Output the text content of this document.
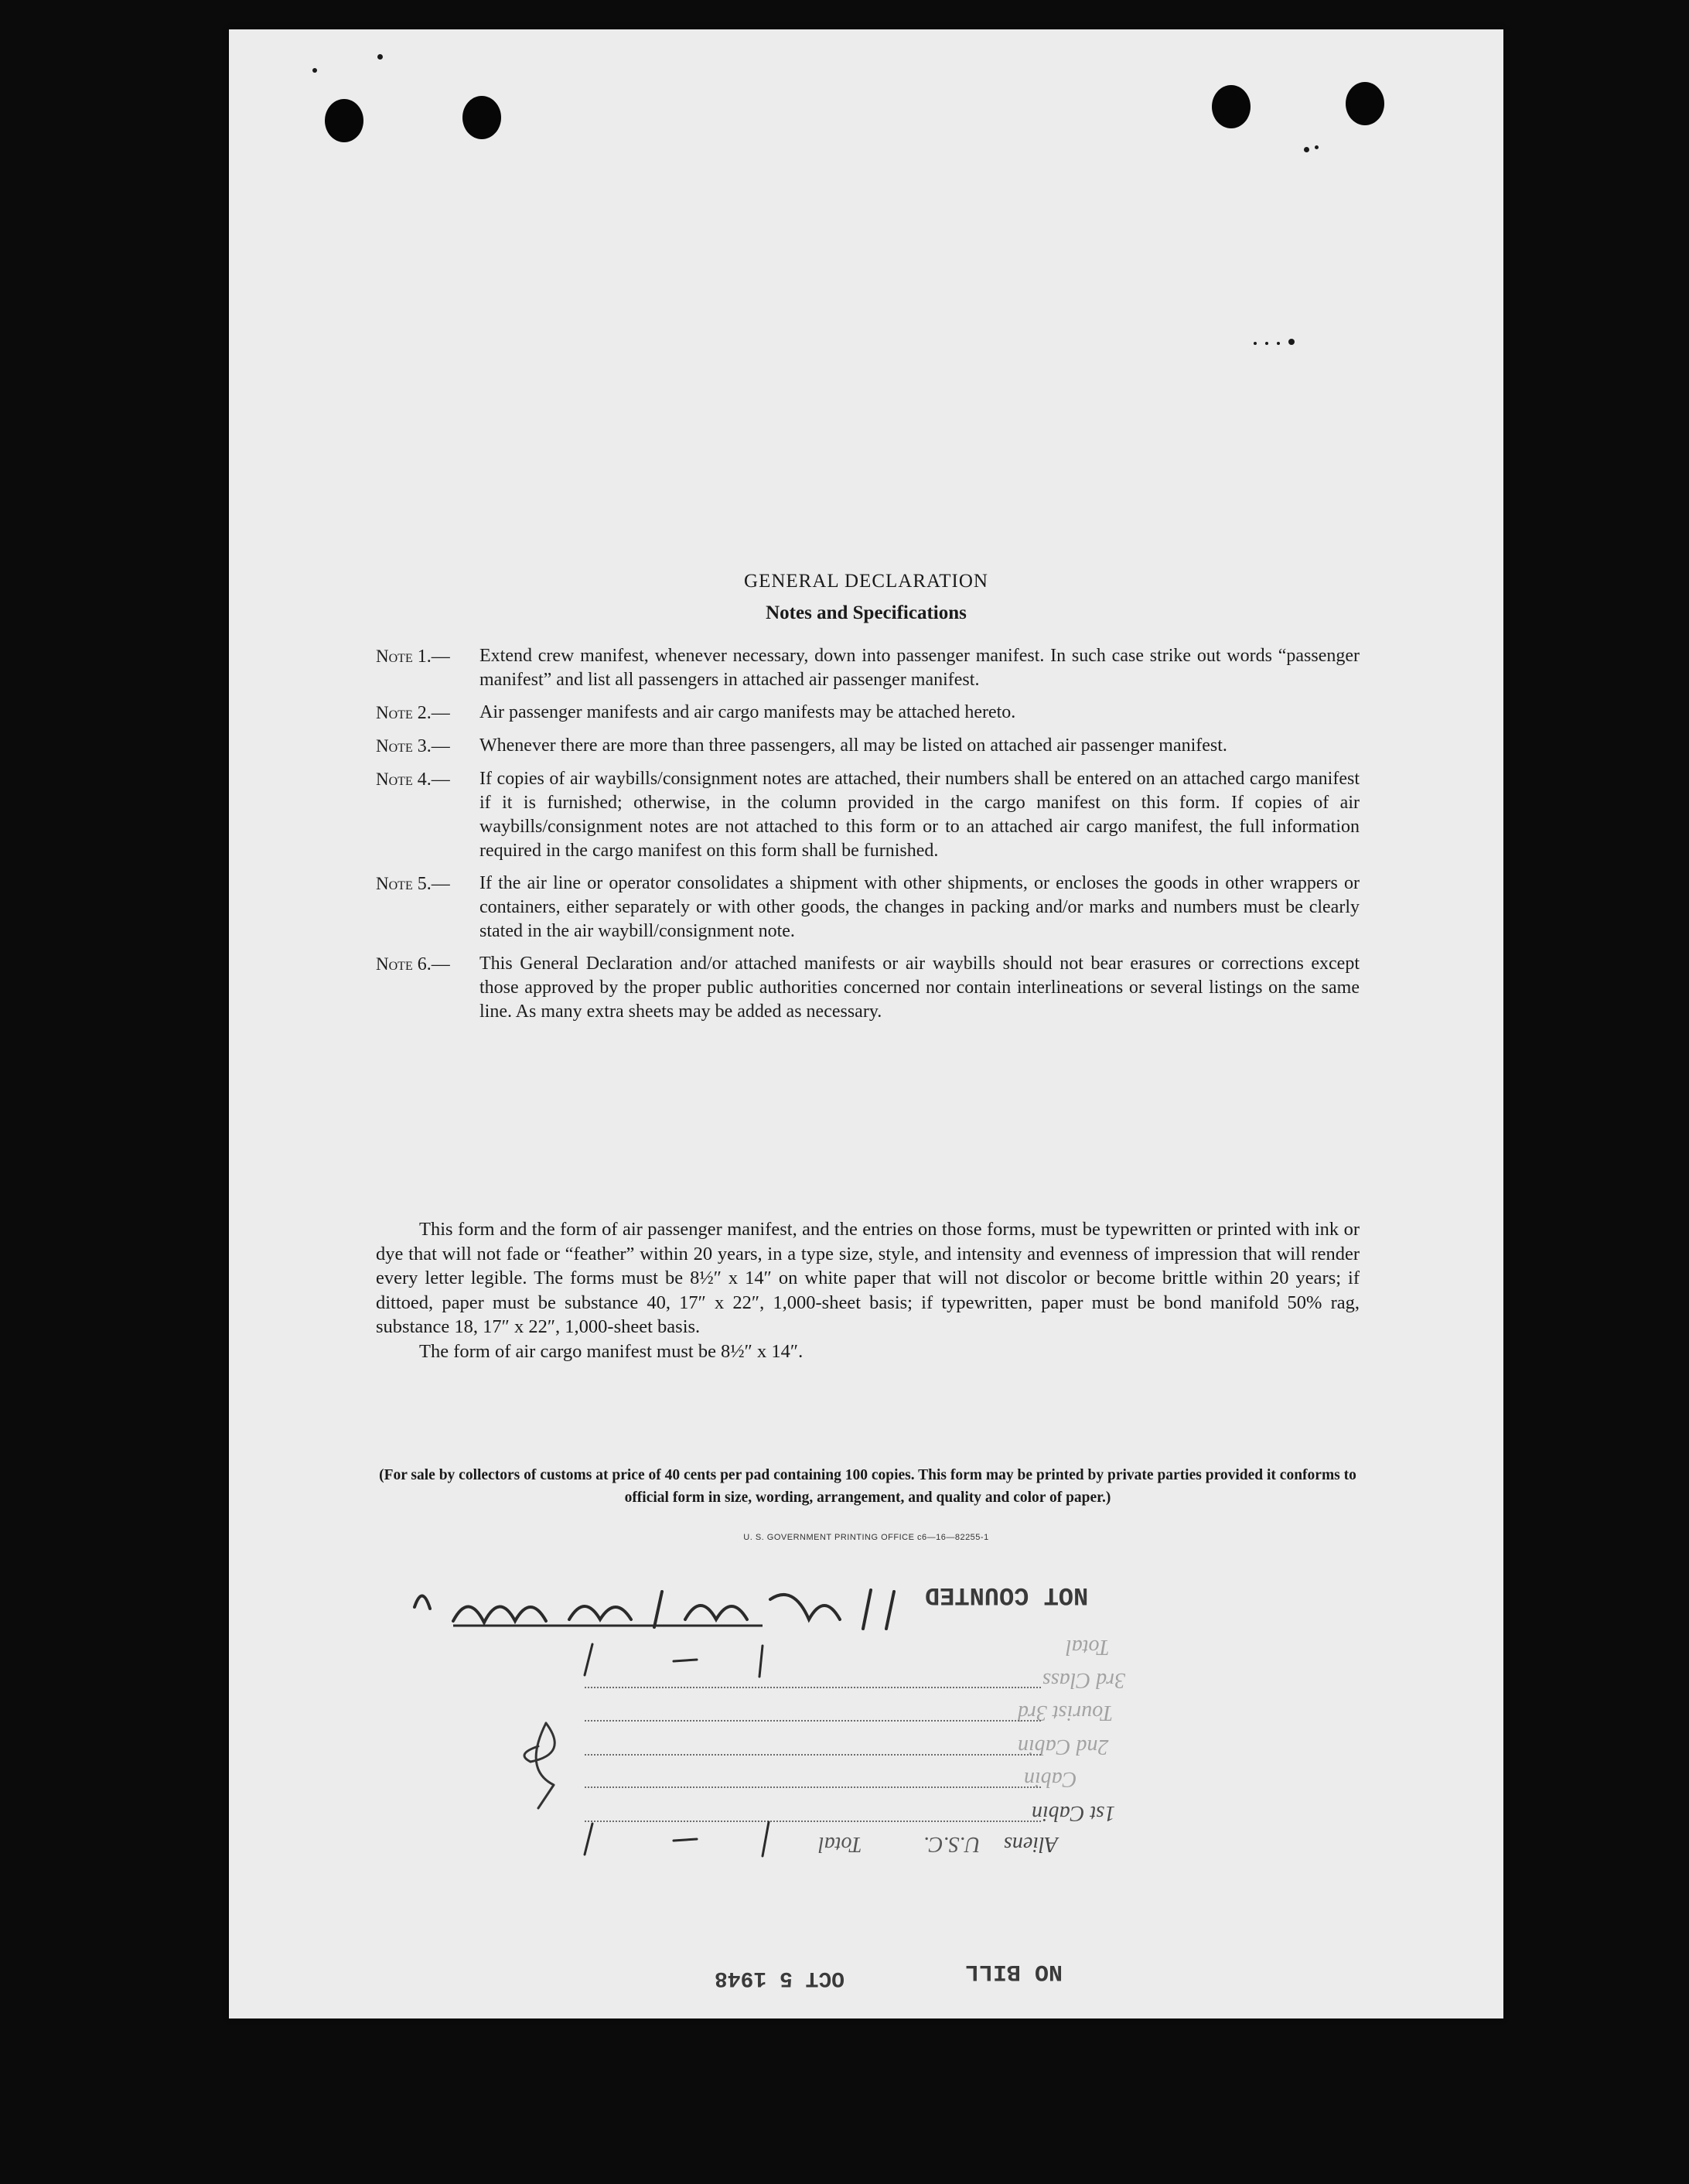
GENERAL DECLARATION
Notes and Specifications
Note 1.—	Extend crew manifest, whenever necessary, down into passenger manifest. In such case strike out words “passenger manifest” and list all passengers in attached air passenger manifest.
Note 2.—	Air passenger manifests and air cargo manifests may be attached hereto.
Note 3.—	Whenever there are more than three passengers, all may be listed on attached air passenger manifest.
Note 4.—	If copies of air waybills/consignment notes are attached, their numbers shall be entered on an attached cargo manifest if it is furnished; otherwise, in the column provided in the cargo manifest on this form. If copies of air waybills/consignment notes are not attached to this form or to an attached air cargo manifest, the full information required in the cargo manifest on this form shall be furnished.
Note 5.—	If the air line or operator consolidates a shipment with other shipments, or encloses the goods in other wrappers or containers, either separately or with other goods, the changes in packing and/or marks and numbers must be clearly stated in the air waybill/consignment note.
Note 6.—	This General Declaration and/or attached manifests or air waybills should not bear erasures or corrections except those approved by the proper public authorities concerned nor contain interlineations or several listings on the same line. As many extra sheets may be added as necessary.

This form and the form of air passenger manifest, and the entries on those forms, must be typewritten or printed with ink or dye that will not fade or “feather” within 20 years, in a type size, style, and intensity and evenness of impression that will render every letter legible. The forms must be 8½″ x 14″ on white paper that will not discolor or become brittle within 20 years; if dittoed, paper must be substance 40, 17″ x 22″, 1,000-sheet basis; if typewritten, paper must be bond manifold 50% rag, substance 18, 17″ x 22″, 1,000-sheet basis.

The form of air cargo manifest must be 8½″ x 14″.

(For sale by collectors of customs at price of 40 cents per pad containing 100 copies. This form may be printed by private parties provided it conforms to official form in size, wording, arrangement, and quality and color of paper.)
U. S. GOVERNMENT PRINTING OFFICE c6—16—82255-1
NOT COUNTED
Total
3rd Class
Tourist 3rd
2nd Cabin
Cabin
1st Cabin
Aliens
U.S.C.
Total
NO BILL
OCT 5 1948
